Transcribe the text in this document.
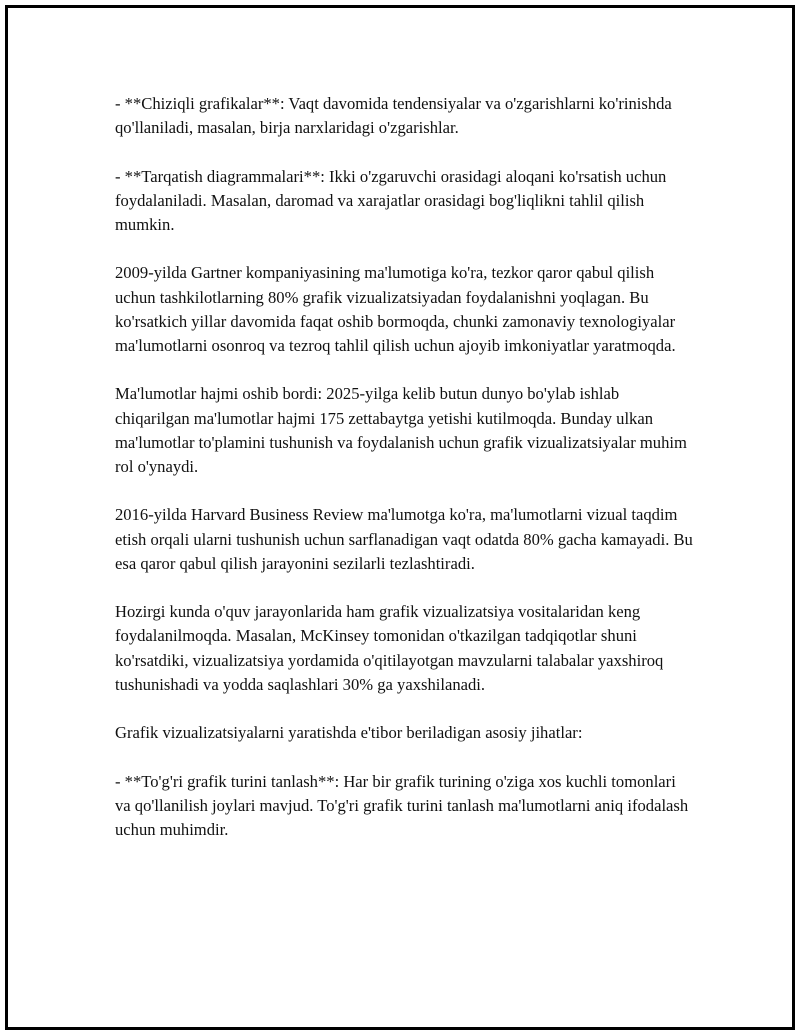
- **Chiziqli grafikalar**: Vaqt davomida tendensiyalar va o'zgarishlarni ko'rinishda qo'llaniladi, masalan, birja narxlaridagi o'zgarishlar.

- **Tarqatish diagrammalari**: Ikki o'zgaruvchi orasidagi aloqani ko'rsatish uchun foydalaniladi. Masalan, daromad va xarajatlar orasidagi bog'liqlikni tahlil qilish mumkin.

2009-yilda Gartner kompaniyasining ma'lumotiga ko'ra, tezkor qaror qabul qilish uchun tashkilotlarning 80% grafik vizualizatsiyadan foydalanishni yoqlagan. Bu ko'rsatkich yillar davomida faqat oshib bormoqda, chunki zamonaviy texnologiyalar ma'lumotlarni osonroq va tezroq tahlil qilish uchun ajoyib imkoniyatlar yaratmoqda.

Ma'lumotlar hajmi oshib bordi: 2025-yilga kelib butun dunyo bo'ylab ishlab chiqarilgan ma'lumotlar hajmi 175 zettabaytga yetishi kutilmoqda. Bunday ulkan ma'lumotlar to'plamini tushunish va foydalanish uchun grafik vizualizatsiyalar muhim rol o'ynaydi.

2016-yilda Harvard Business Review ma'lumotga ko'ra, ma'lumotlarni vizual taqdim etish orqali ularni tushunish uchun sarflanadigan vaqt odatda 80% gacha kamayadi. Bu esa qaror qabul qilish jarayonini sezilarli tezlashtiradi.

Hozirgi kunda o'quv jarayonlarida ham grafik vizualizatsiya vositalaridan keng foydalanilmoqda. Masalan, McKinsey tomonidan o'tkazilgan tadqiqotlar shuni ko'rsatdiki, vizualizatsiya yordamida o'qitilayotgan mavzularni talabalar yaxshiroq tushunishadi va yodda saqlashlari 30% ga yaxshilanadi.

Grafik vizualizatsiyalarni yaratishda e'tibor beriladigan asosiy jihatlar:

- **To'g'ri grafik turini tanlash**: Har bir grafik turining o'ziga xos kuchli tomonlari va qo'llanilish joylari mavjud. To'g'ri grafik turini tanlash ma'lumotlarni aniq ifodalash uchun muhimdir.
